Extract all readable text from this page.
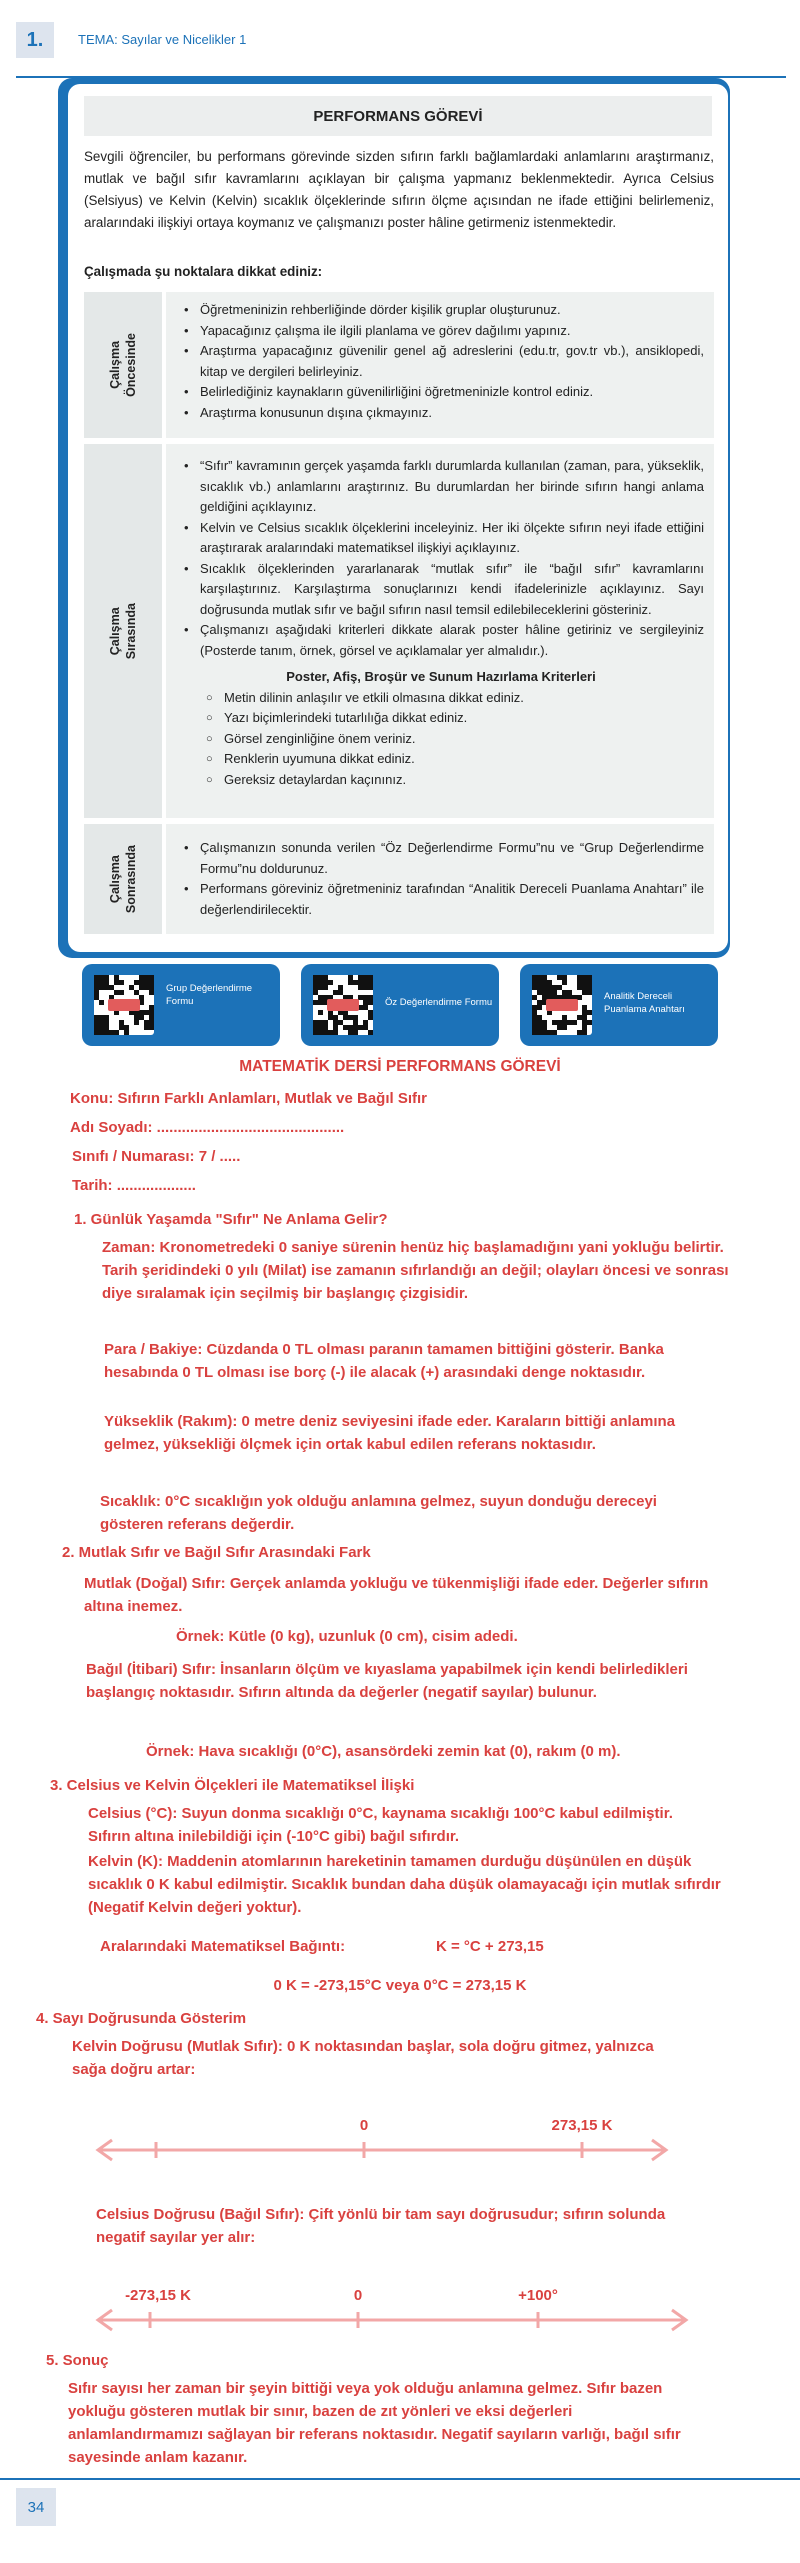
1.	TEMA: Sayılar ve Nicelikler 1
PERFORMANS GÖREVİ
Sevgili öğrenciler, bu performans görevinde sizden sıfırın farklı bağlamlardaki anlamlarını araştırmanız, mutlak ve bağıl sıfır kavramlarını açıklayan bir çalışma yapmanız beklenmektedir. Ayrıca Celsius (Selsiyus) ve Kelvin (Kelvin) sıcaklık ölçeklerinde sıfırın ölçme açısından ne ifade ettiğini belirlemeniz, aralarındaki ilişkiyi ortaya koymanız ve çalışmanızı poster hâline getirmeniz istenmektedir.
Çalışmada şu noktalara dikkat ediniz:
Çalışma
Öncesinde
• Öğretmeninizin rehberliğinde dörder kişilik gruplar oluşturunuz.
• Yapacağınız çalışma ile ilgili planlama ve görev dağılımı yapınız.
• Araştırma yapacağınız güvenilir genel ağ adreslerini (edu.tr, gov.tr vb.), ansiklopedi, kitap ve dergileri belirleyiniz.
• Belirlediğiniz kaynakların güvenilirliğini öğretmeninizle kontrol ediniz.
• Araştırma konusunun dışına çıkmayınız.
Çalışma
Sırasında
• “Sıfır” kavramının gerçek yaşamda farklı durumlarda kullanılan (zaman, para, yükseklik, sıcaklık vb.) anlamlarını araştırınız. Bu durumlardan her birinde sıfırın hangi anlama geldiğini açıklayınız.
• Kelvin ve Celsius sıcaklık ölçeklerini inceleyiniz. Her iki ölçekte sıfırın neyi ifade ettiğini araştırarak aralarındaki matematiksel ilişkiyi açıklayınız.
• Sıcaklık ölçeklerinden yararlanarak “mutlak sıfır” ile “bağıl sıfır” kavramlarını karşılaştırınız. Karşılaştırma sonuçlarınızı kendi ifadelerinizle açıklayınız. Sayı doğrusunda mutlak sıfır ve bağıl sıfırın nasıl temsil edilebileceklerini gösteriniz.
• Çalışmanızı aşağıdaki kriterleri dikkate alarak poster hâline getiriniz ve sergileyiniz (Posterde tanım, örnek, görsel ve açıklamalar yer almalıdır.).
Poster, Afiş, Broşür ve Sunum Hazırlama Kriterleri
○ Metin dilinin anlaşılır ve etkili olmasına dikkat ediniz.
○ Yazı biçimlerindeki tutarlılığa dikkat ediniz.
○ Görsel zenginliğine önem veriniz.
○ Renklerin uyumuna dikkat ediniz.
○ Gereksiz detaylardan kaçınınız.
Çalışma
Sonrasında
•	Çalışmanızın sonunda verilen “Öz Değerlendirme Formu”nu ve “Grup Değerlendirme Formu”nu doldurunuz.
• Performans göreviniz öğretmeniniz tarafından “Analitik Dereceli Puanlama Anahtarı” ile değerlendirilecektir.
Grup Değerlendirme Formu	Öz Değerlendirme Formu
Analitik Dereceli Puanlama Anahtarı
MATEMATİK DERSİ PERFORMANS GÖREVİ
Konu: Sıfırın Farklı Anlamları, Mutlak ve Bağıl Sıfır
Adı Soyadı: .............................................
Sınıfı / Numarası: 7 / .....
Tarih: ...................
1. Günlük Yaşamda "Sıfır" Ne Anlama Gelir?
Zaman: Kronometredeki 0 saniye sürenin henüz hiç başlamadığını yani yokluğu belirtir. Tarih şeridindeki 0 yılı (Milat) ise zamanın sıfırlandığı an değil; olayları öncesi ve sonrası diye sıralamak için seçilmiş bir başlangıç çizgisidir.
Para / Bakiye: Cüzdanda 0 TL olması paranın tamamen bittiğini gösterir. Banka hesabında 0 TL olması ise borç (-) ile alacak (+) arasındaki denge noktasıdır.
Yükseklik (Rakım): 0 metre deniz seviyesini ifade eder. Karaların bittiği anlamına gelmez, yüksekliği ölçmek için ortak kabul edilen referans noktasıdır.
Sıcaklık: 0°C sıcaklığın yok olduğu anlamına gelmez, suyun donduğu dereceyi gösteren referans değerdir.
2. Mutlak Sıfır ve Bağıl Sıfır Arasındaki Fark
Mutlak (Doğal) Sıfır: Gerçek anlamda yokluğu ve tükenmişliği ifade eder. Değerler sıfırın altına inemez.
Örnek: Kütle (0 kg), uzunluk (0 cm), cisim adedi.
Bağıl (İtibari) Sıfır: İnsanların ölçüm ve kıyaslama yapabilmek için kendi belirledikleri başlangıç noktasıdır. Sıfırın altında da değerler (negatif sayılar) bulunur.
Örnek: Hava sıcaklığı (0°C), asansördeki zemin kat (0), rakım (0 m).
3. Celsius ve Kelvin Ölçekleri ile Matematiksel İlişki
Celsius (°C): Suyun donma sıcaklığı 0°C, kaynama sıcaklığı 100°C kabul edilmiştir. Sıfırın altına inilebildiği için (-10°C gibi) bağıl sıfırdır.
Kelvin (K): Maddenin atomlarının hareketinin tamamen durduğu düşünülen en düşük sıcaklık 0 K kabul edilmiştir. Sıcaklık bundan daha düşük olamayacağı için mutlak sıfırdır (Negatif Kelvin değeri yoktur).
Aralarındaki Matematiksel Bağıntı:	K = °C + 273,15
0 K = -273,15°C veya 0°C = 273,15 K
4. Sayı Doğrusunda Gösterim
Kelvin Doğrusu (Mutlak Sıfır): 0 K noktasından başlar, sola doğru gitmez, yalnızca sağa doğru artar:
0	273,15 K
Celsius Doğrusu (Bağıl Sıfır): Çift yönlü bir tam sayı doğrusudur; sıfırın solunda negatif sayılar yer alır:
-273,15 K	0	+100°
5. Sonuç
Sıfır sayısı her zaman bir şeyin bittiği veya yok olduğu anlamına gelmez. Sıfır bazen yokluğu gösteren mutlak bir sınır, bazen de zıt yönleri ve eksi değerleri anlamlandırmamızı sağlayan bir referans noktasıdır. Negatif sayıların varlığı, bağıl sıfır sayesinde anlam kazanır.
34
